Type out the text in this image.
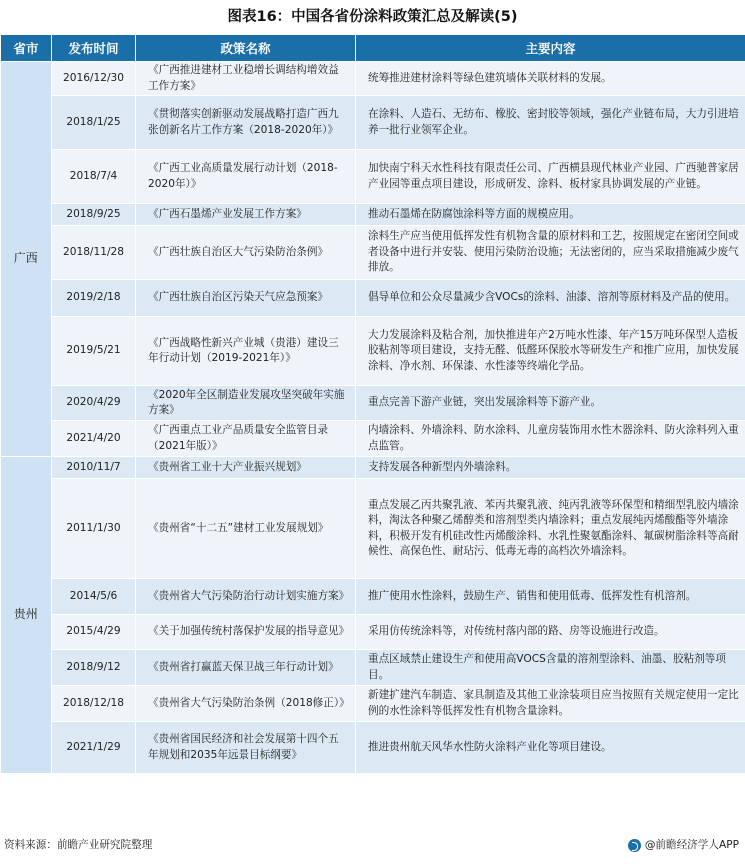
图表16：中国各省份涂料政策汇总及解读(5)
省市	发布时间	政策名称	主要内容
广西	2016/12/30	《广西推进建材工业稳增长调结构增效益工作方案》	统筹推进建材涂料等绿色建筑墙体关联材料的发展。
	2018/1/25	《贯彻落实创新驱动发展战略打造广西九张创新名片工作方案（2018-2020年）》	在涂料、人造石、无纺布、橡胶、密封胶等领域，强化产业链布局，大力引进培养一批行业领军企业。
	2018/7/4	《广西工业高质量发展行动计划（2018-2020年）》	加快南宁科天水性科技有限责任公司、广西横县现代林业产业园、广西驰普家居产业园等重点项目建设，形成研发、涂料、板材家具协调发展的产业链。
	2018/9/25	《广西石墨烯产业发展工作方案》	推动石墨烯在防腐蚀涂料等方面的规模应用。
	2018/11/28	《广西壮族自治区大气污染防治条例》	涂料生产应当使用低挥发性有机物含量的原材料和工艺，按照规定在密闭空间或者设备中进行并安装、使用污染防治设施；无法密闭的，应当采取措施减少废气排放。
	2019/2/18	《广西壮族自治区污染天气应急预案》	倡导单位和公众尽量减少含VOCs的涂料、油漆、溶剂等原材料及产品的使用。
	2019/5/21	《广西战略性新兴产业城（贵港）建设三年行动计划（2019-2021年）》	大力发展涂料及粘合剂，加快推进年产2万吨水性漆、年产15万吨环保型人造板胶粘剂等项目建设，支持无醛、低醛环保胶水等研发生产和推广应用，加快发展涂料、净水剂、环保漆、水性漆等终端化学品。
	2020/4/29	《2020年全区制造业发展攻坚突破年实施方案》	重点完善下游产业链，突出发展涂料等下游产业。
	2021/4/20	《广西重点工业产品质量安全监管目录（2021年版）》	内墙涂料、外墙涂料、防水涂料、儿童房装饰用水性木器涂料、防火涂料列入重点监管。
贵州	2010/11/7	《贵州省工业十大产业振兴规划》	支持发展各种新型内外墙涂料。
	2011/1/30	《贵州省“十二五”建材工业发展规划》	重点发展乙丙共聚乳液、苯丙共聚乳液、纯丙乳液等环保型和精细型乳胶内墙涂料，淘汰各种聚乙烯醇类和溶剂型类内墙涂料；重点发展纯丙烯酸酯等外墙涂料，积极开发有机硅改性丙烯酸涂料、水乳性聚氨酯涂料、氟碳树脂涂料等高耐候性、高保色性、耐玷污、低毒无毒的高档次外墙涂料。
	2014/5/6	《贵州省大气污染防治行动计划实施方案》	推广使用水性涂料，鼓励生产、销售和使用低毒、低挥发性有机溶剂。
	2015/4/29	《关于加强传统村落保护发展的指导意见》	采用仿传统涂料等，对传统村落内部的路、房等设施进行改造。
	2018/9/12	《贵州省打赢蓝天保卫战三年行动计划》	重点区域禁止建设生产和使用高VOCS含量的溶剂型涂料、油墨、胶粘剂等项目。
	2018/12/18	《贵州省大气污染防治条例（2018修正）》	新建扩建汽车制造、家具制造及其他工业涂装项目应当按照有关规定使用一定比例的水性涂料等低挥发性有机物含量涂料。
	2021/1/29	《贵州省国民经济和社会发展第十四个五年规划和2035年远景目标纲要》	推进贵州航天风华水性防火涂料产业化等项目建设。
资料来源：前瞻产业研究院整理	@前瞻经济学人APP
